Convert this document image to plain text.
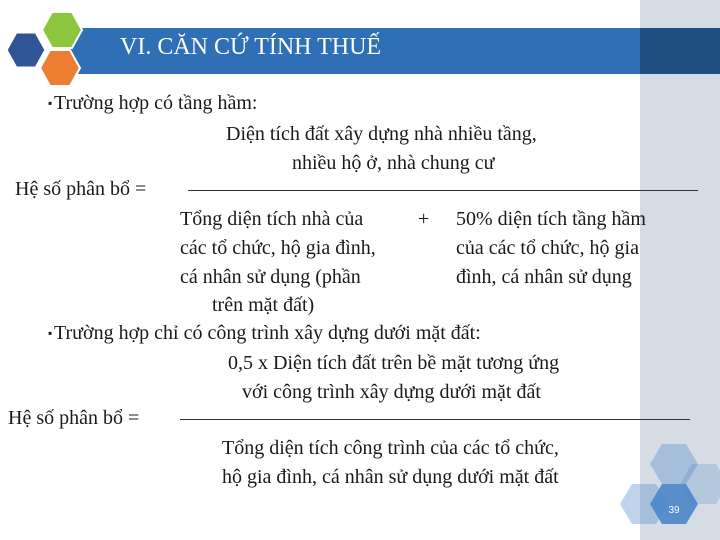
VI. CĂN CỨ TÍNH THUẾ
▪ Trường hợp có tầng hầm:
Diện tích đất xây dựng nhà nhiều tầng,
nhiều hộ ở, nhà chung cư
Hệ số phân bổ =
Tổng diện tích nhà của
các tổ chức, hộ gia đình,
cá nhân sử dụng (phần
trên mặt đất)
+ 50% diện tích tầng hầm
của các tổ chức, hộ gia
đình, cá nhân sử dụng
▪ Trường hợp chỉ có công trình xây dựng dưới mặt đất:
0,5 x Diện tích đất trên bề mặt tương ứng
với công trình xây dựng dưới mặt đất
Hệ số phân bổ =
Tổng diện tích công trình của các tổ chức,
hộ gia đình, cá nhân sử dụng dưới mặt đất
39
